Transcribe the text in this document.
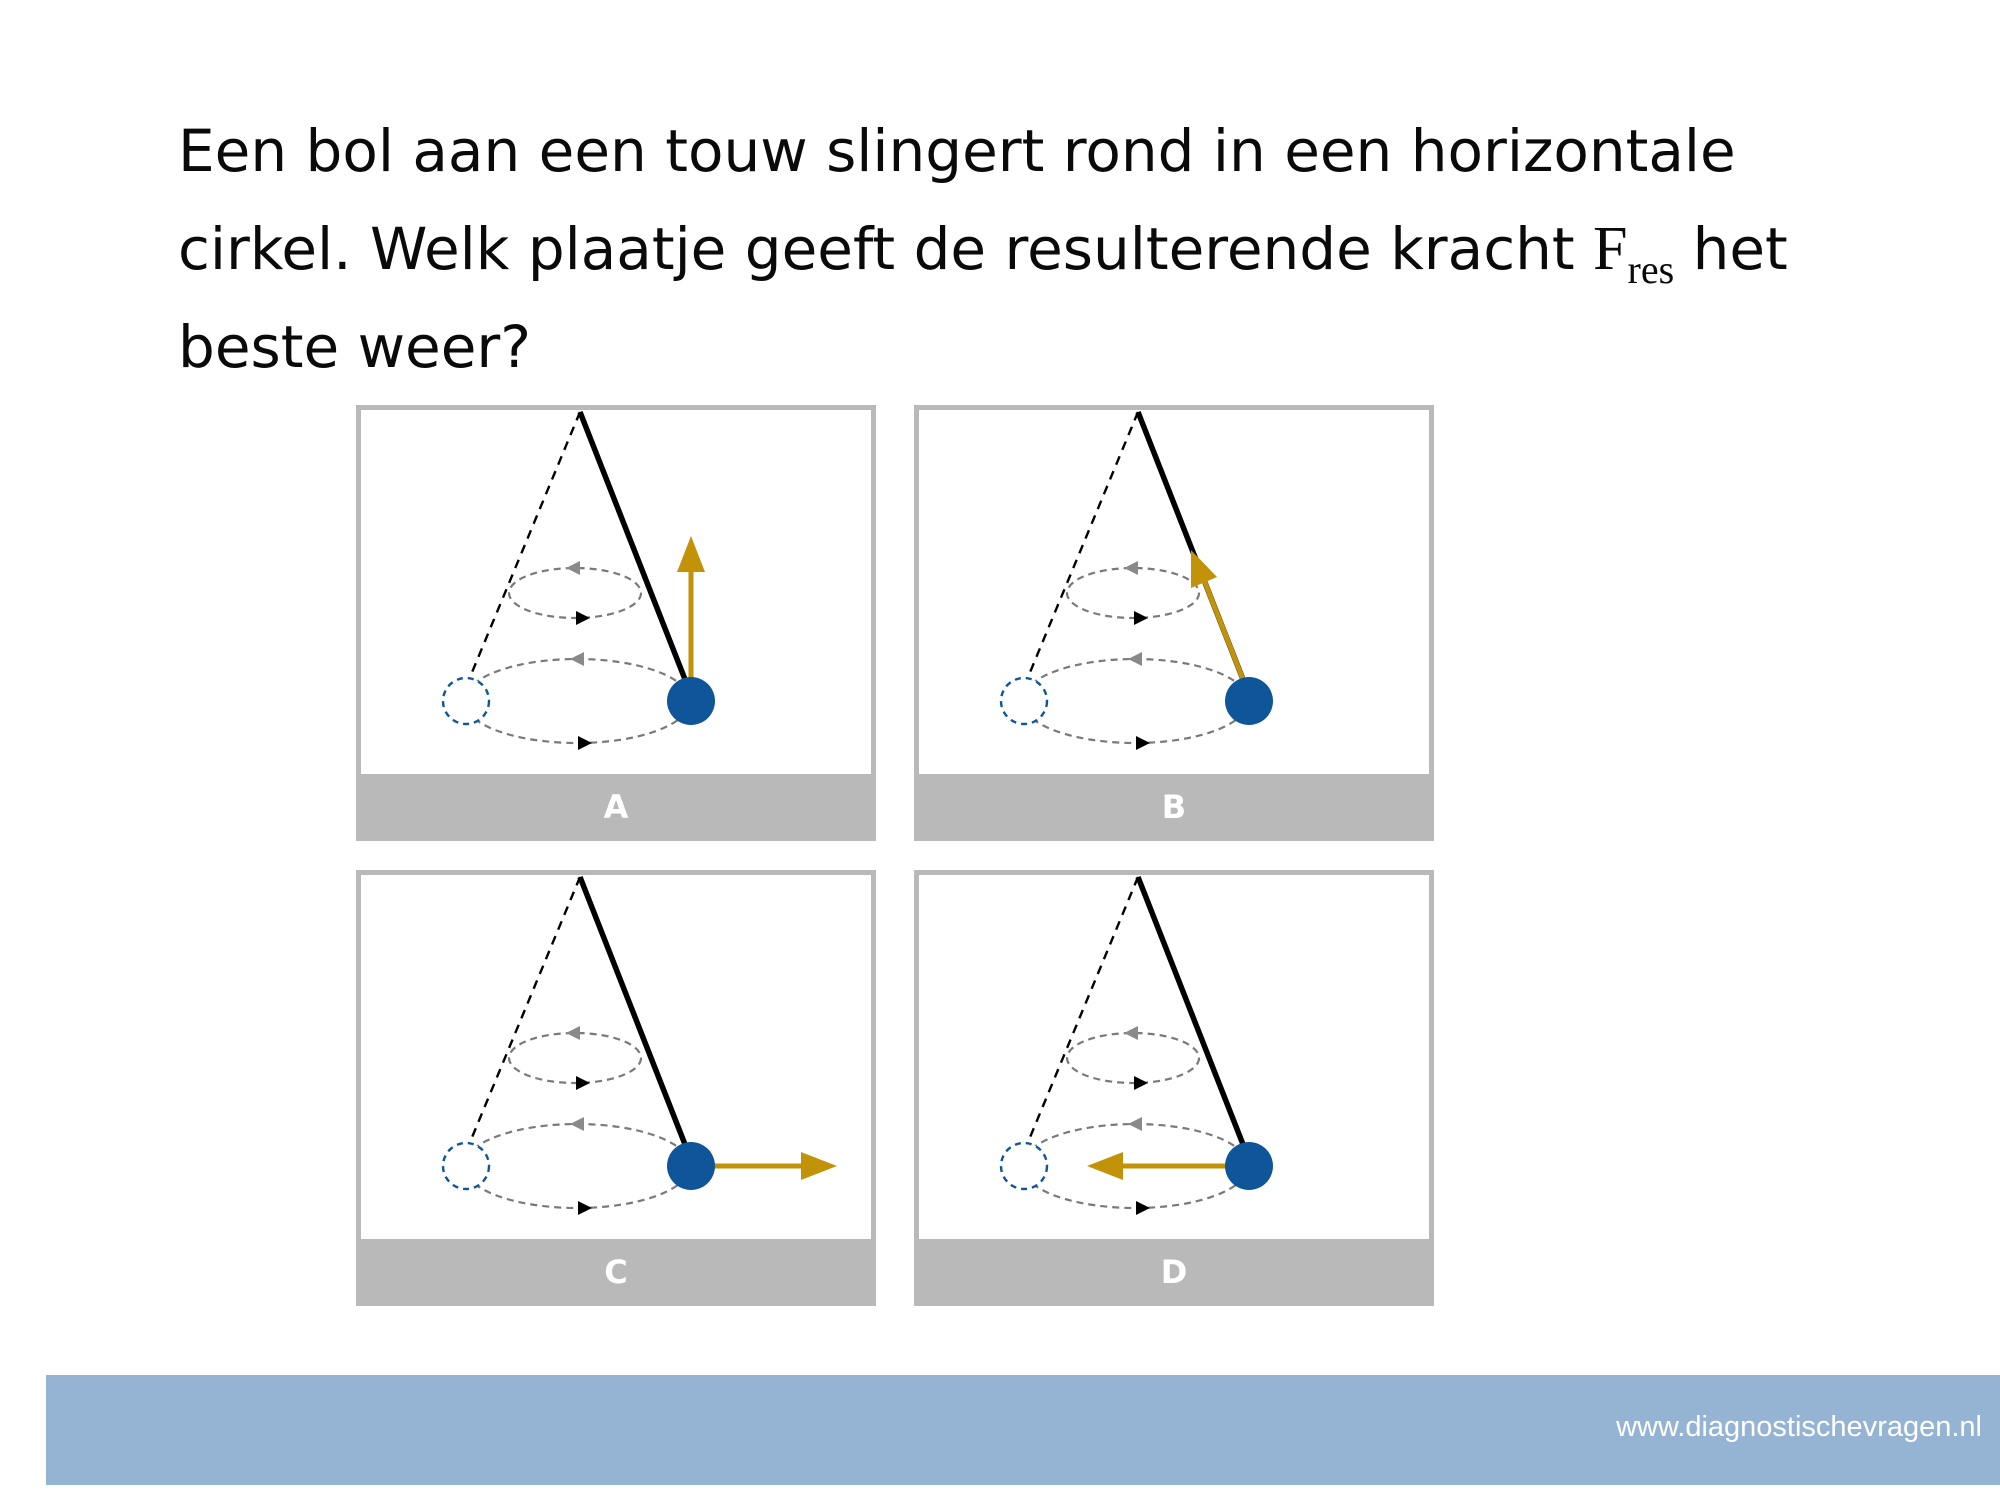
Een bol aan een touw slingert rond in een horizontale
cirkel. Welk plaatje geeft de resulterende kracht $F_{res}$ het
beste weer?
A	B
C	D
www.diagnostischevragen.nl
